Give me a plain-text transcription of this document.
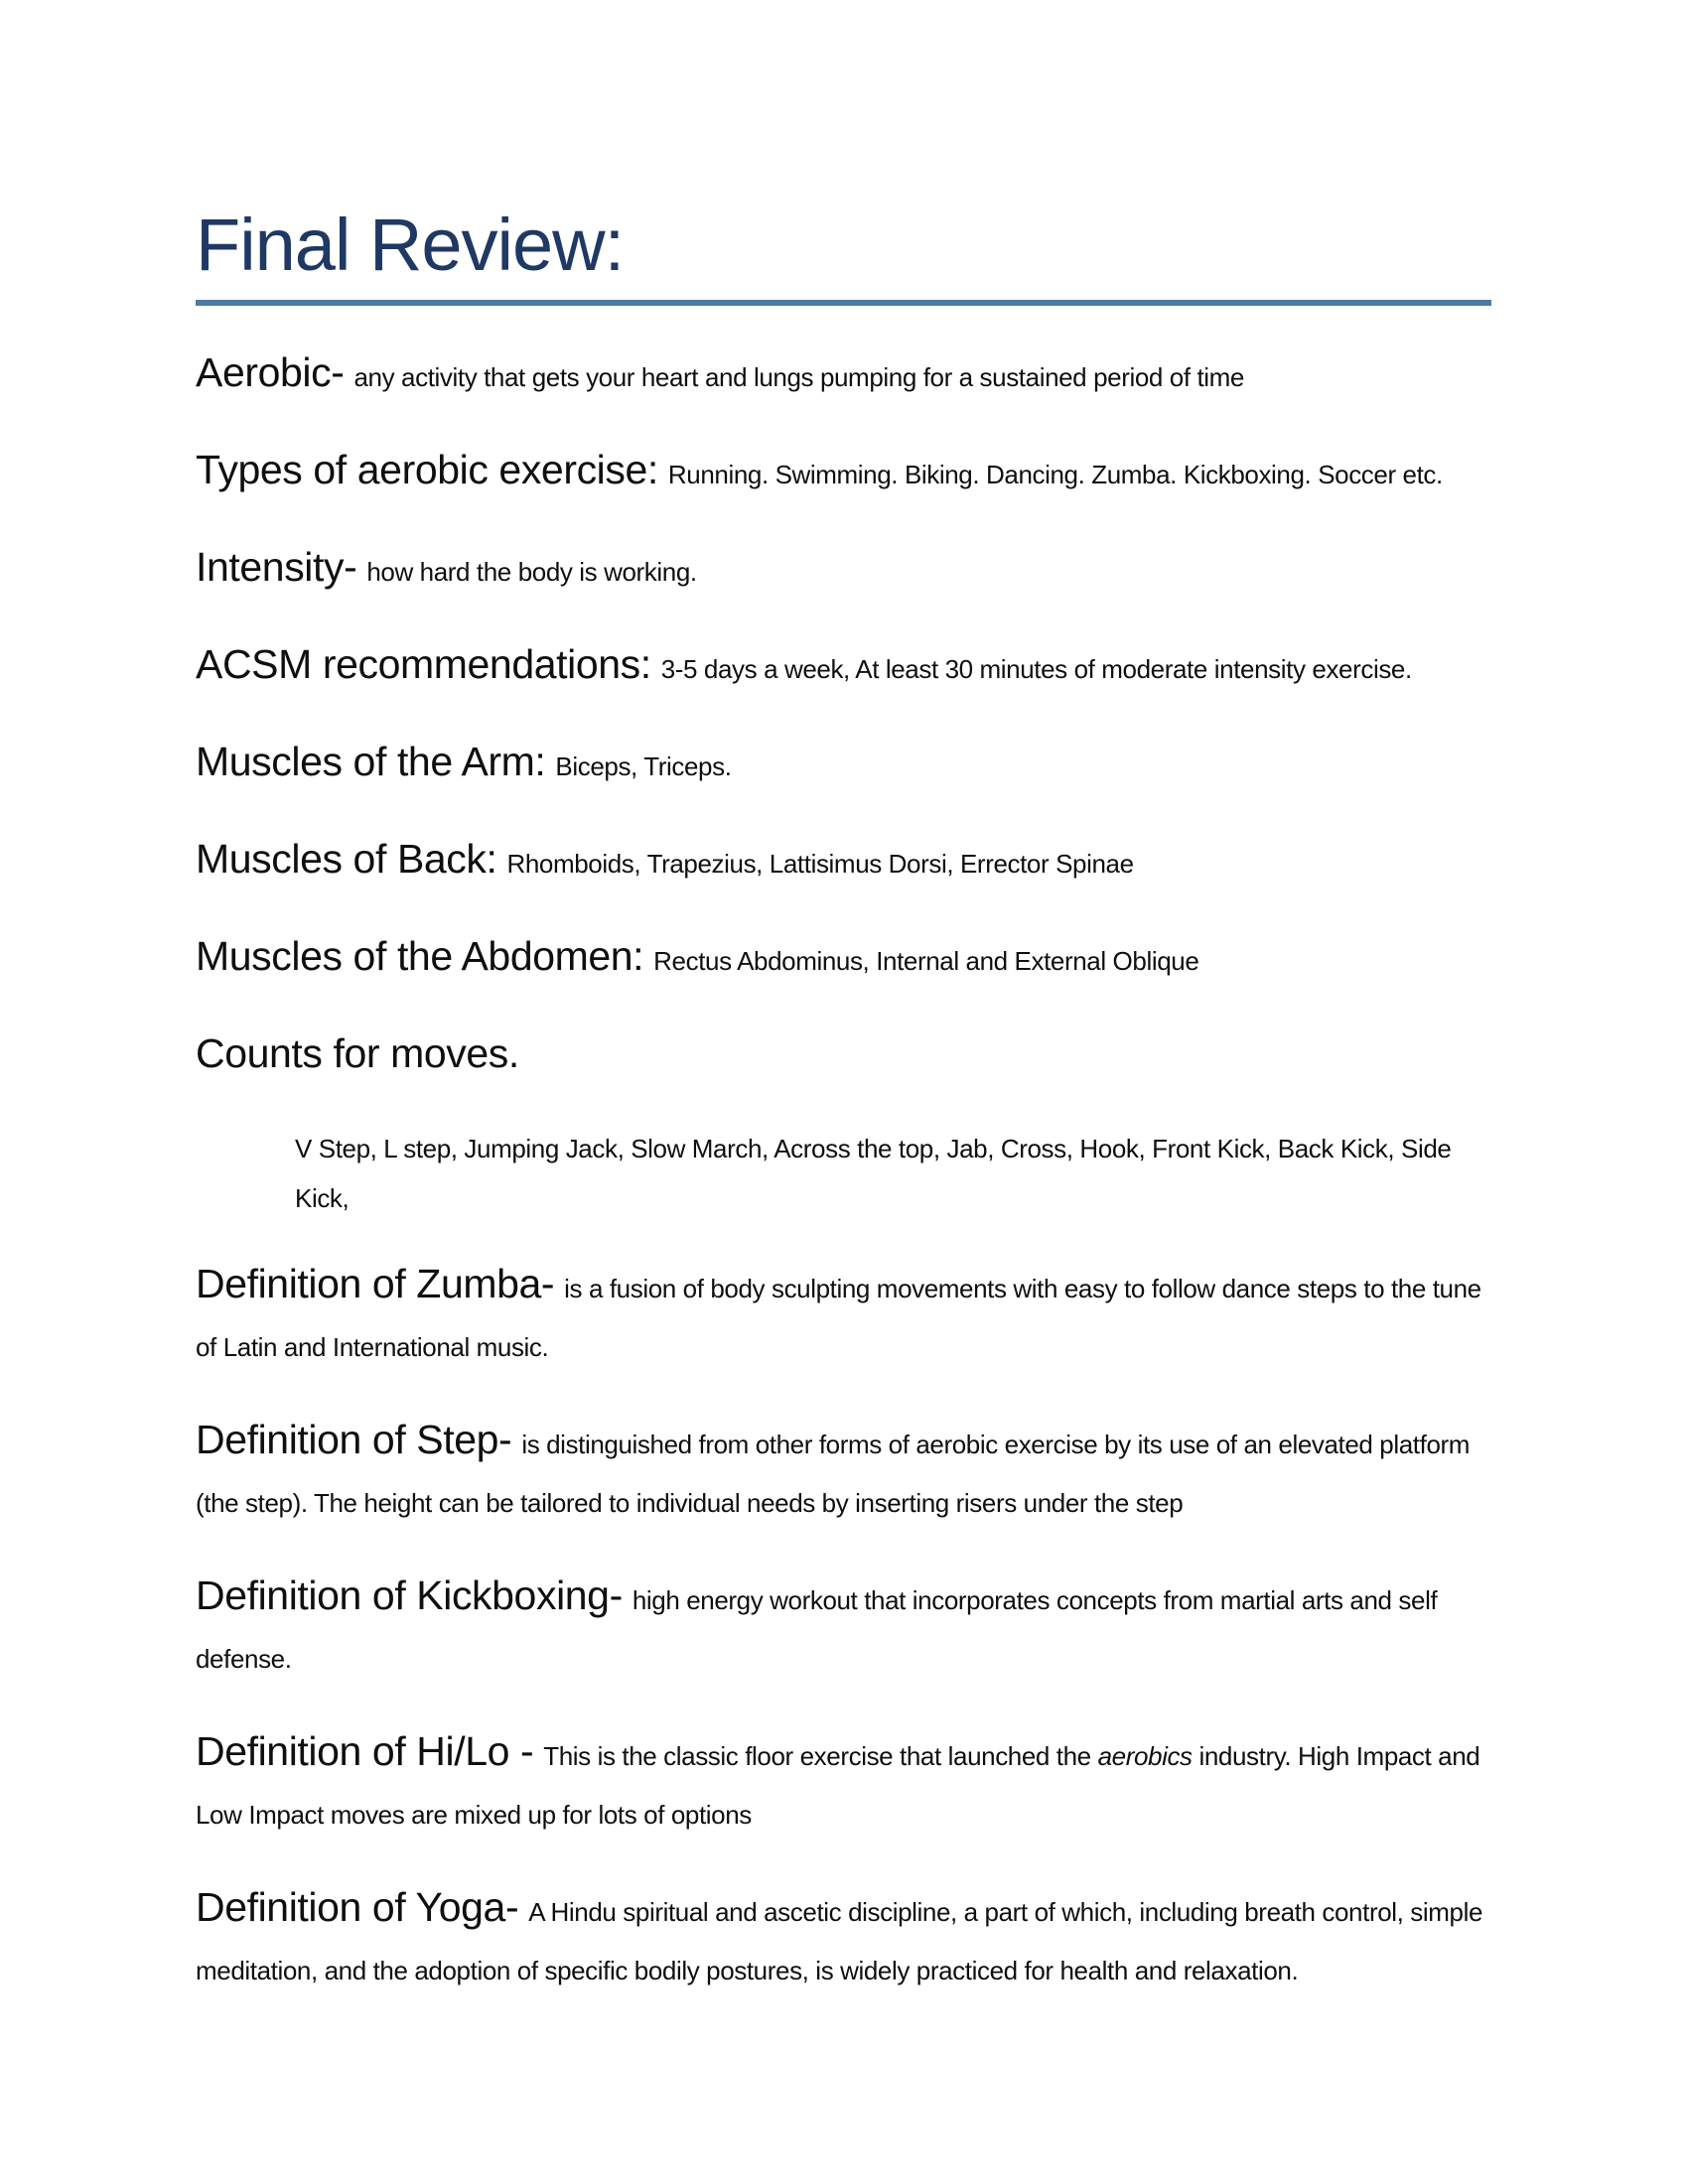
Final Review:

Aerobic- any activity that gets your heart and lungs pumping for a sustained period of time

Types of aerobic exercise: Running. Swimming. Biking. Dancing. Zumba. Kickboxing. Soccer etc.

Intensity- how hard the body is working.

ACSM recommendations: 3-5 days a week, At least 30 minutes of moderate intensity exercise.

Muscles of the Arm: Biceps, Triceps.

Muscles of Back: Rhomboids, Trapezius, Lattisimus Dorsi, Errector Spinae

Muscles of the Abdomen: Rectus Abdominus, Internal and External Oblique

Counts for moves.

V Step, L step, Jumping Jack, Slow March, Across the top, Jab, Cross, Hook, Front Kick, Back Kick, Side Kick,

Definition of Zumba- is a fusion of body sculpting movements with easy to follow dance steps to the tune of Latin and International music.

Definition of Step- is distinguished from other forms of aerobic exercise by its use of an elevated platform (the step). The height can be tailored to individual needs by inserting risers under the step

Definition of Kickboxing- high energy workout that incorporates concepts from martial arts and self defense.

Definition of Hi/Lo - This is the classic floor exercise that launched the aerobics industry. High Impact and Low Impact moves are mixed up for lots of options

Definition of Yoga- A Hindu spiritual and ascetic discipline, a part of which, including breath control, simple meditation, and the adoption of specific bodily postures, is widely practiced for health and relaxation.
